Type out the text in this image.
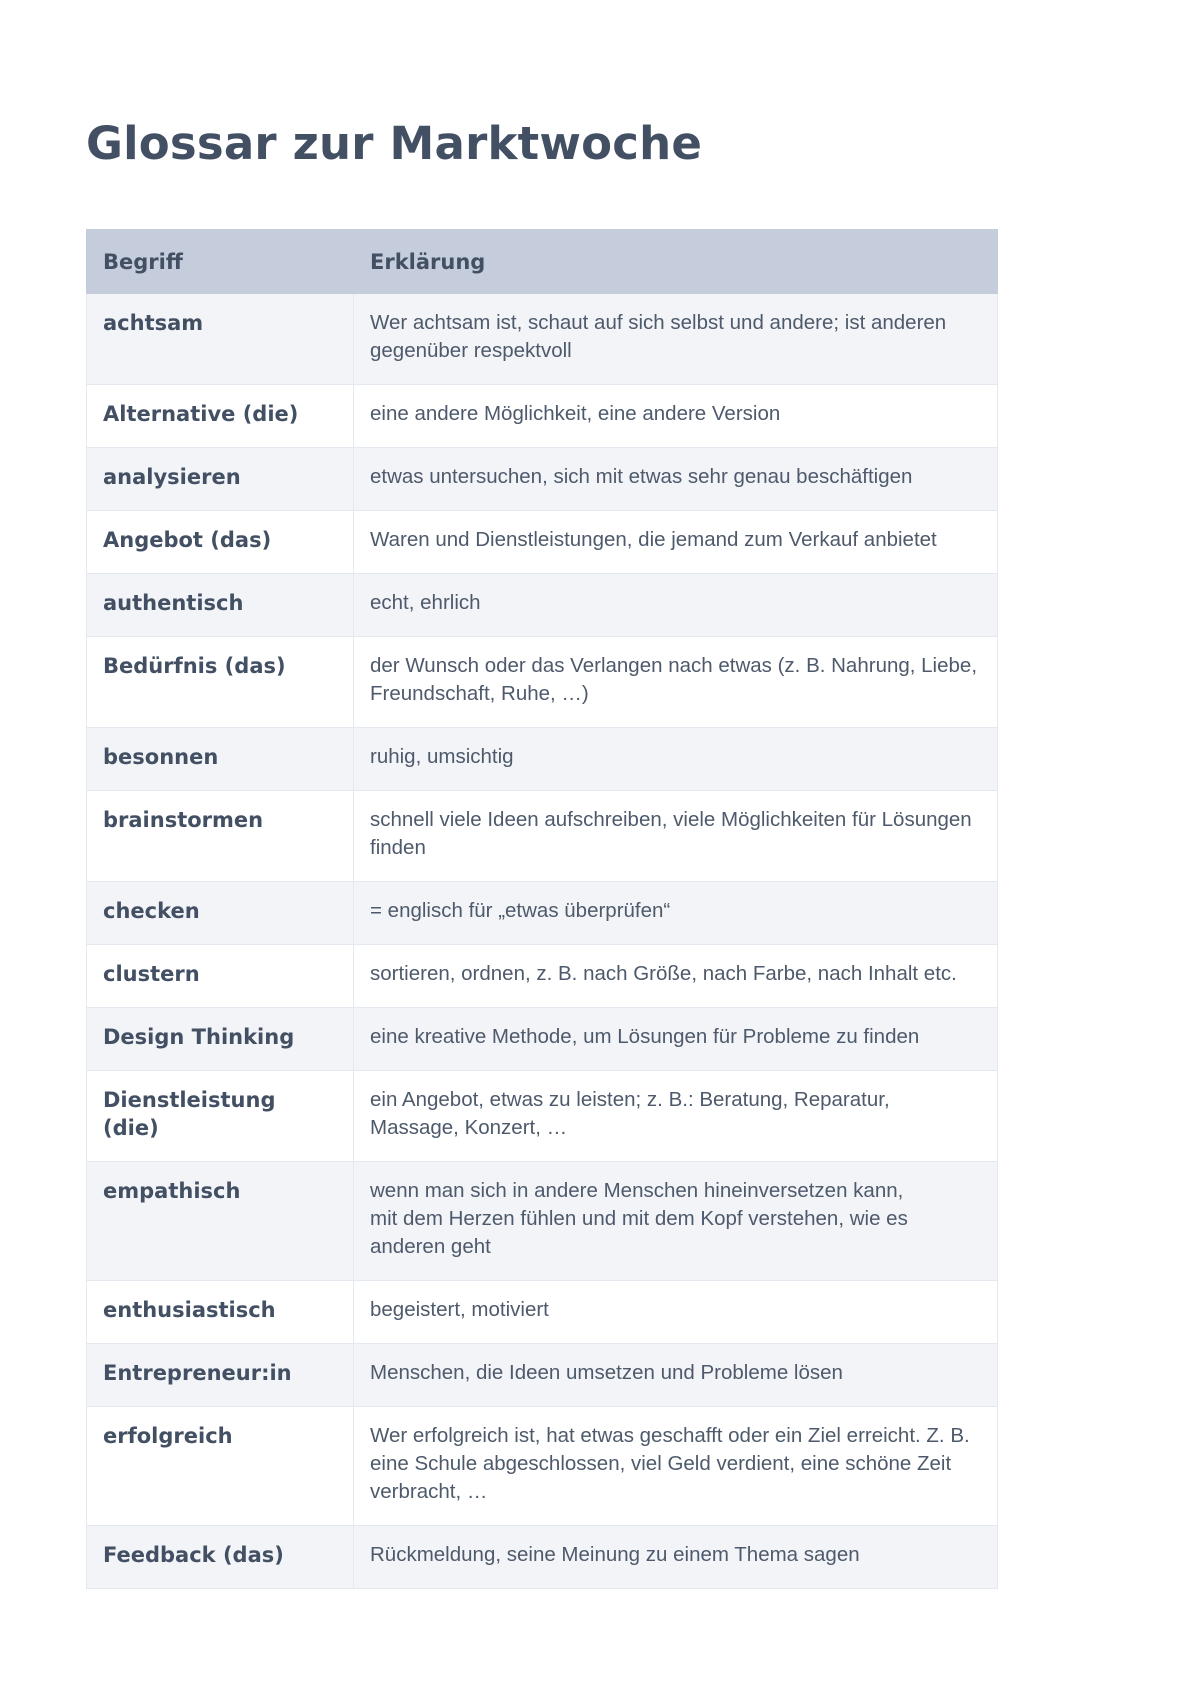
Glossar zur Marktwoche
Begriff	Erklärung
achtsam	Wer achtsam ist, schaut auf sich selbst und andere; ist anderen gegenüber respektvoll
Alternative (die)	eine andere Möglichkeit, eine andere Version
analysieren	etwas untersuchen, sich mit etwas sehr genau beschäftigen
Angebot (das)	Waren und Dienstleistungen, die jemand zum Verkauf anbietet
authentisch	echt, ehrlich
Bedürfnis (das)	der Wunsch oder das Verlangen nach etwas (z. B. Nahrung, Liebe, Freundschaft, Ruhe, …)
besonnen	ruhig, umsichtig
brainstormen	schnell viele Ideen aufschreiben, viele Möglichkeiten für Lösungen finden
checken	= englisch für „etwas überprüfen“
clustern	sortieren, ordnen, z. B. nach Größe, nach Farbe, nach Inhalt etc.
Design Thinking	eine kreative Methode, um Lösungen für Probleme zu finden
Dienstleistung (die)	ein Angebot, etwas zu leisten; z. B.: Beratung, Reparatur, Massage, Konzert, …
empathisch	wenn man sich in andere Menschen hineinversetzen kann,
mit dem Herzen fühlen und mit dem Kopf verstehen, wie es anderen geht
enthusiastisch	begeistert, motiviert
Entrepreneur:in	Menschen, die Ideen umsetzen und Probleme lösen
erfolgreich	Wer erfolgreich ist, hat etwas geschafft oder ein Ziel erreicht. Z. B. eine Schule abgeschlossen, viel Geld verdient, eine schöne Zeit verbracht, …
Feedback (das)	Rückmeldung, seine Meinung zu einem Thema sagen
